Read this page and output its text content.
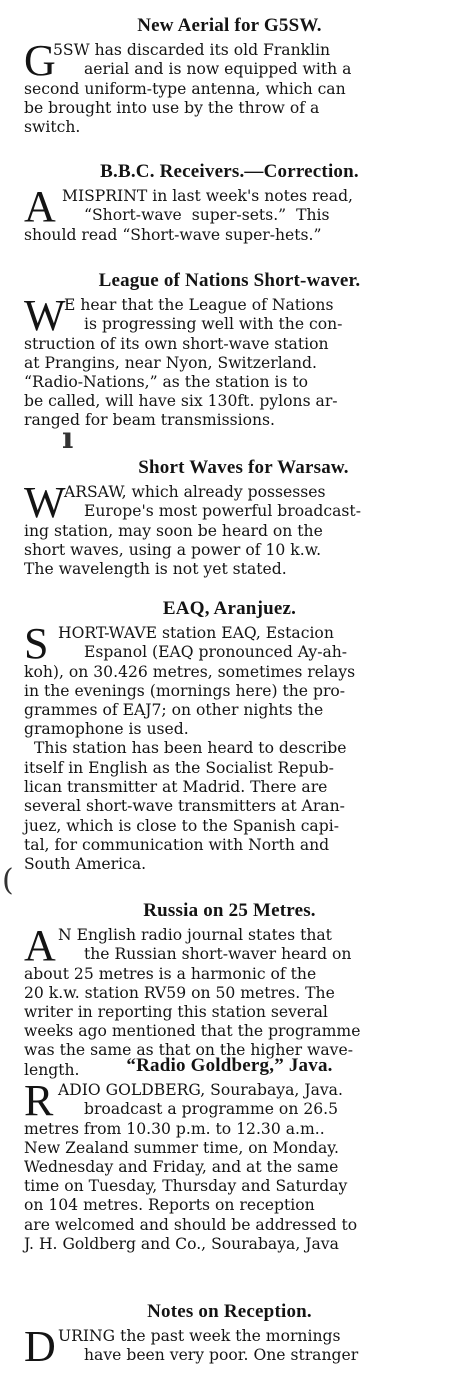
New Aerial for G5SW.
G
5SW has discarded its old Franklin
aerial and is now equipped with a
second uniform-type antenna, which can
be brought into use by the throw of a
switch.
B.B.C. Receivers.—Correction.
A MISPRINT in last week's notes read,
“Short-wave super-sets.” This
should read “Short-wave super-hets.”
League of Nations Short-waver.
W
E hear that the League of Nations
is progressing well with the con-
struction of its own short-wave station
at Prangins, near Nyon, Switzerland.
“Radio-Nations,” as the station is to
be called, will have six 130ft. pylons ar-
ranged for beam transmissions.
ı
Short Waves for Warsaw.
W
ARSAW, which already possesses
Europe's most powerful broadcast-
ing station, may soon be heard on the
short waves, using a power of 10 k.w.
The wavelength is not yet stated.
EAQ, Aranjuez.
S HORT-WAVE station EAQ, Estacion
Espanol (EAQ pronounced Ay-ah-
koh), on 30.426 metres, sometimes relays
in the evenings (mornings here) the pro-
grammes of EAJ7; on other nights the
gramophone is used.
This station has been heard to describe
itself in English as the Socialist Repub-
lican transmitter at Madrid. There are
several short-wave transmitters at Aran-
juez, which is close to the Spanish capi-
tal, for communication with North and
South America.
(
Russia on 25 Metres.
A N English radio journal states that
the Russian short-waver heard on
about 25 metres is a harmonic of the
20 k.w. station RV59 on 50 metres. The
writer in reporting this station several
weeks ago mentioned that the programme
was the same as that on the higher wave-
length.	“Radio Goldberg,” Java.
R ADIO GOLDBERG, Sourabaya, Java.
broadcast a programme on 26.5
metres from 10.30 p.m. to 12.30 a.m..
New Zealand summer time, on Monday.
Wednesday and Friday, and at the same
time on Tuesday, Thursday and Saturday
on 104 metres. Reports on reception
are welcomed and should be addressed to
J. H. Goldberg and Co., Sourabaya, Java
Notes on Reception.
D URING the past week the mornings
have been very poor. One stranger
